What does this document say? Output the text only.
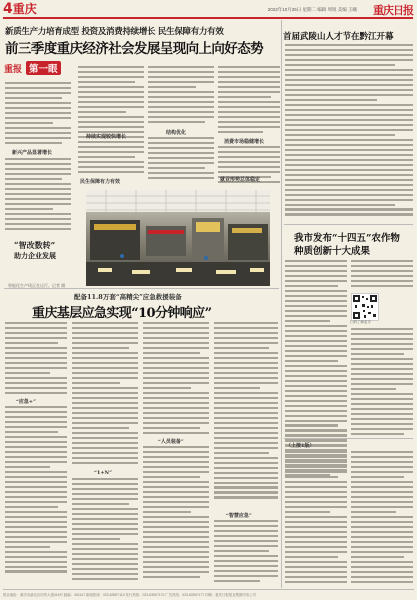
4重庆	2022年10月25日 星期二 编辑 周锐 美编 王曦 重庆日报
新质生产力培育成型 投资及消费持续增长 民生保障有力有效
前三季度重庆经济社会发展呈现向上向好态势
重报 第一眼
新兴产品显著增长
持续实现较快增长
结构优化
消费市场稳健增长
民生保障有力有效	就业形势总体稳定
“智改数转”
助力企业发展
智能化生产线正在运行。记者 摄
配备11.8万套“高精尖”应急救援装备
重庆基层应急实现“10分钟响应”
“应急+”
“1+N”
“人员装备”
“智慧应急”
首届武陵山人才节在黔江开幕
我市发布“十四五”农作物
种质创新十大成果
扫码了解更多
（上接1版）
报社地址：重庆市渝北区同茂大道416号 邮编：401147 新闻热线：023-63907110 发行热线：023-63907170 广告热线：023-63907177 印刷：重庆日报报业集团印务公司
